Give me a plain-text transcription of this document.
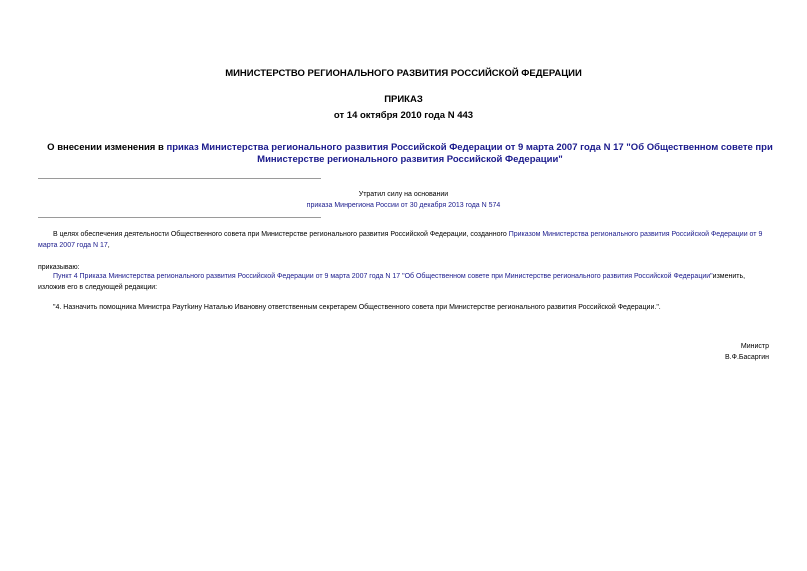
МИНИСТЕРСТВО РЕГИОНАЛЬНОГО РАЗВИТИЯ РОССИЙСКОЙ ФЕДЕРАЦИИ
ПРИКАЗ
от 14 октября 2010 года N 443
О внесении изменения в приказ Министерства регионального развития Российской Федерации от 9 марта 2007 года N 17 "Об Общественном совете при Министерстве регионального развития Российской Федерации"
Утратил силу на основании
приказа Минрегиона России от 30 декабря 2013 года N 574
В целях обеспечения деятельности Общественного совета при Министерстве регионального развития Российской Федерации, созданного Приказом Министерства регионального развития Российской Федерации от 9 марта 2007 года N 17,
приказываю:
Пункт 4 Приказа Министерства регионального развития Российской Федерации от 9 марта 2007 года N 17 "Об Общественном совете при Министерстве регионального развития Российской Федерации"изменить, изложив его в следующей редакции:
"4. Назначить помощника Министра Раутkину Наталью Ивановну ответственным секретарем Общественного совета при Министерстве регионального развития Российской Федерации.".
Министр
В.Ф.Басаргин
